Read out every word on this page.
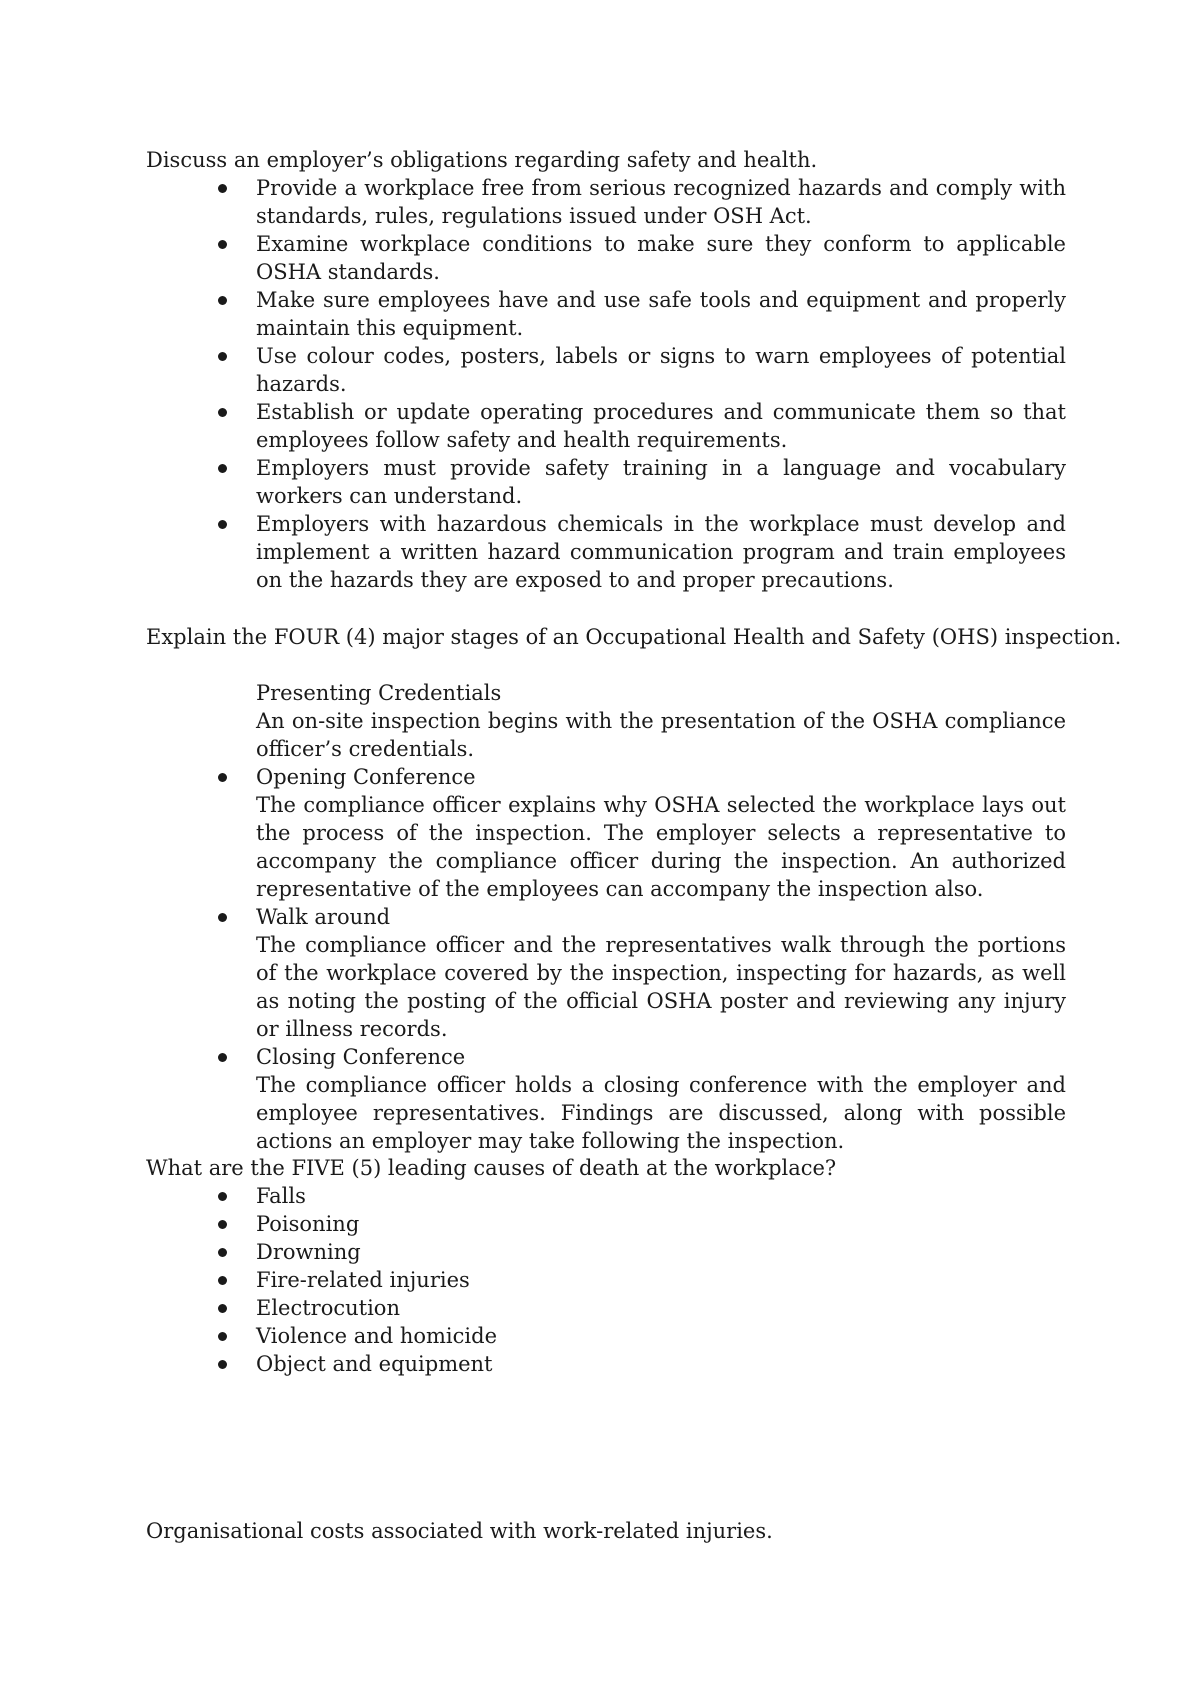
Discuss an employer’s obligations regarding safety and health.

Provide a workplace free from serious recognized hazards and comply with standards, rules, regulations issued under OSH Act.
Examine workplace conditions to make sure they conform to applicable OSHA standards.
Make sure employees have and use safe tools and equipment and properly maintain this equipment.
Use colour codes, posters, labels or signs to warn employees of potential hazards.
Establish or update operating procedures and communicate them so that employees follow safety and health requirements.
Employers must provide safety training in a language and vocabulary workers can understand.
Employers with hazardous chemicals in the workplace must develop and implement a written hazard communication program and train employees on the hazards they are exposed to and proper precautions.

Explain the FOUR (4) major stages of an Occupational Health and Safety (OHS) inspection.

Presenting Credentials
An on-site inspection begins with the presentation of the OSHA compliance officer’s credentials.
Opening Conference
The compliance officer explains why OSHA selected the workplace lays out the process of the inspection. The employer selects a representative to accompany the compliance officer during the inspection. An authorized representative of the employees can accompany the inspection also.
Walk around
The compliance officer and the representatives walk through the portions of the workplace covered by the inspection, inspecting for hazards, as well as noting the posting of the official OSHA poster and reviewing any injury or illness records.
Closing Conference
The compliance officer holds a closing conference with the employer and employee representatives. Findings are discussed, along with possible actions an employer may take following the inspection.

What are the FIVE (5) leading causes of death at the workplace?

Falls
Poisoning
Drowning
Fire-related injuries
Electrocution
Violence and homicide
Object and equipment

Organisational costs associated with work-related injuries.
